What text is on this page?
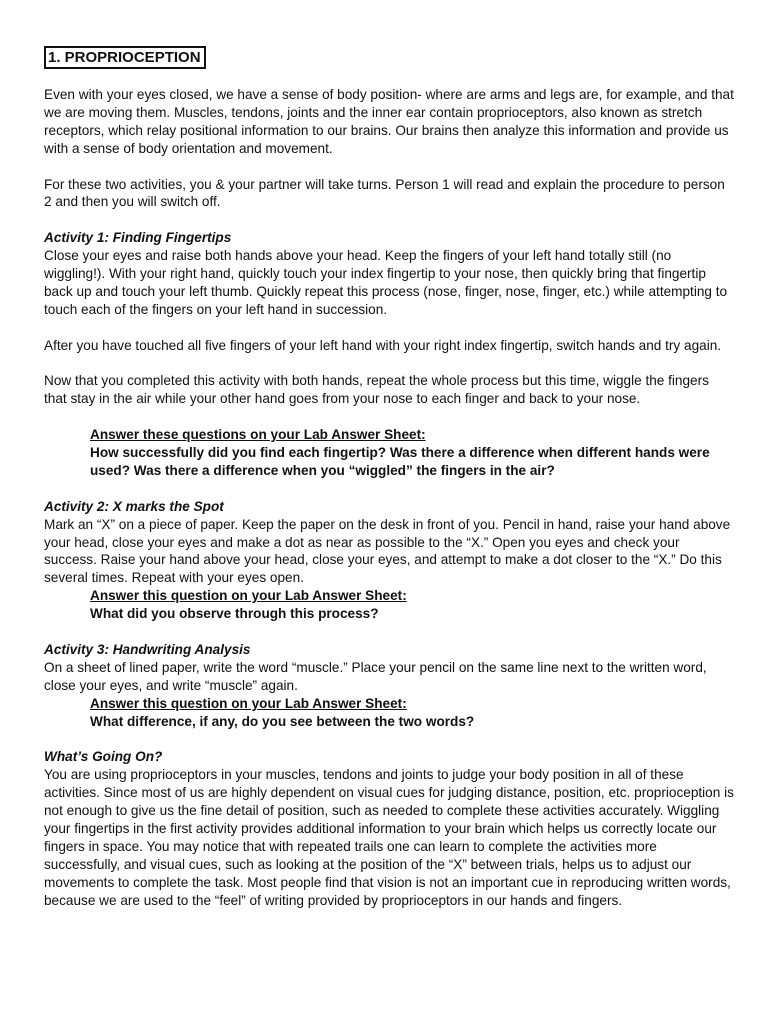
1. PROPRIOCEPTION

Even with your eyes closed, we have a sense of body position- where are arms and legs are, for example, and that we are moving them. Muscles, tendons, joints and the inner ear contain proprioceptors, also known as stretch receptors, which relay positional information to our brains. Our brains then analyze this information and provide us with a sense of body orientation and movement.

For these two activities, you & your partner will take turns. Person 1 will read and explain the procedure to person 2 and then you will switch off.

Activity 1: Finding Fingertips

Close your eyes and raise both hands above your head. Keep the fingers of your left hand totally still (no wiggling!). With your right hand, quickly touch your index fingertip to your nose, then quickly bring that fingertip back up and touch your left thumb. Quickly repeat this process (nose, finger, nose, finger, etc.) while attempting to touch each of the fingers on your left hand in succession.

After you have touched all five fingers of your left hand with your right index fingertip, switch hands and try again.

Now that you completed this activity with both hands, repeat the whole process but this time, wiggle the fingers that stay in the air while your other hand goes from your nose to each finger and back to your nose.

Answer these questions on your Lab Answer Sheet:

How successfully did you find each fingertip? Was there a difference when different hands were used? Was there a difference when you “wiggled” the fingers in the air?

Activity 2: X marks the Spot

Mark an “X” on a piece of paper. Keep the paper on the desk in front of you. Pencil in hand, raise your hand above your head, close your eyes and make a dot as near as possible to the “X.” Open you eyes and check your success. Raise your hand above your head, close your eyes, and attempt to make a dot closer to the “X.” Do this several times. Repeat with your eyes open.

Answer this question on your Lab Answer Sheet:

What did you observe through this process?

Activity 3: Handwriting Analysis

On a sheet of lined paper, write the word “muscle.” Place your pencil on the same line next to the written word, close your eyes, and write “muscle” again.

Answer this question on your Lab Answer Sheet:

What difference, if any, do you see between the two words?

What’s Going On?

You are using proprioceptors in your muscles, tendons and joints to judge your body position in all of these activities. Since most of us are highly dependent on visual cues for judging distance, position, etc. proprioception is not enough to give us the fine detail of position, such as needed to complete these activities accurately. Wiggling your fingertips in the first activity provides additional information to your brain which helps us correctly locate our fingers in space. You may notice that with repeated trails one can learn to complete the activities more successfully, and visual cues, such as looking at the position of the “X” between trials, helps us to adjust our movements to complete the task. Most people find that vision is not an important cue in reproducing written words, because we are used to the “feel” of writing provided by proprioceptors in our hands and fingers.
